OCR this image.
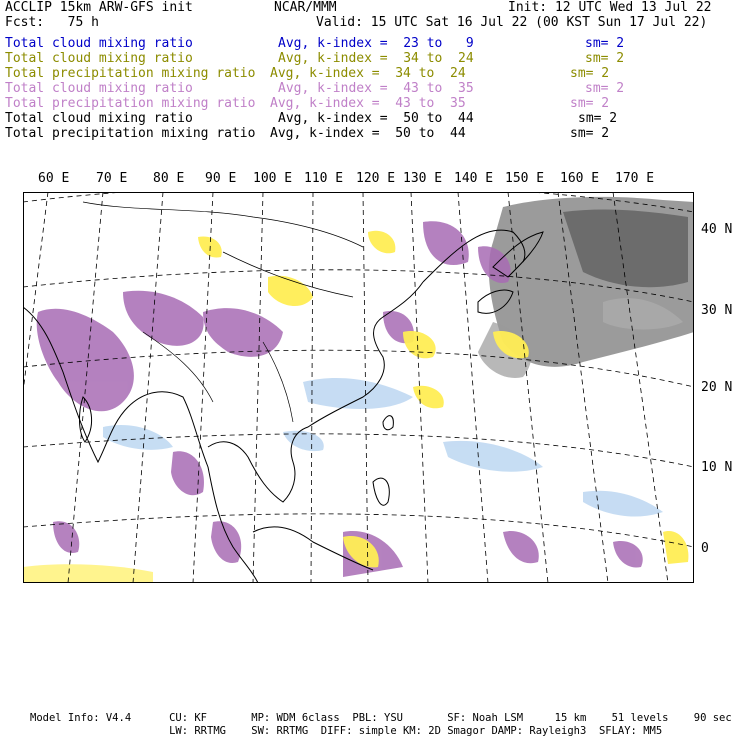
ACCLIP 15km ARW-GFS init	NCAR/MMM	Init: 12 UTC Wed 13 Jul 22
Fcst:   75 h	Valid: 15 UTC Sat 16 Jul 22 (00 KST Sun 17 Jul 22)
Total cloud mixing ratio	Avg, k-index =  23 to   9	sm= 2
Total cloud mixing ratio	Avg, k-index =  34 to  24	sm= 2
Total precipitation mixing ratio Avg, k-index =  34 to  24	sm= 2
Total cloud mixing ratio	Avg, k-index =  43 to  35	sm= 2
Total precipitation mixing ratio Avg, k-index =  43 to  35	sm= 2
Total cloud mixing ratio	Avg, k-index =  50 to  44	sm= 2
Total precipitation mixing ratio Avg, k-index =  50 to  44	sm= 2
60 E 70 E 80 E 90 E 100 E 110 E 120 E 130 E 140 E 150 E 160 E 170 E
40 N
30 N
20 N
10 N
0
Model Info: V4.4      CU: KF       MP: WDM 6class  PBL: YSU       SF: Noah LSM     15 km    51 levels    90 sec
LW: RRTMG    SW: RRTMG  DIFF: simple KM: 2D Smagor DAMP: Rayleigh3  SFLAY: MM5
